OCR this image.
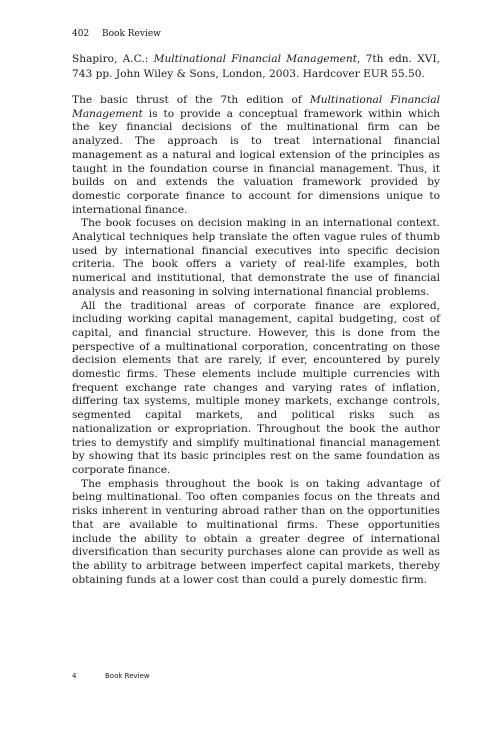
402 Book Review
Shapiro, A.C.: Multinational Financial Management, 7th edn. XVI, 743 pp. John Wiley & Sons, London, 2003. Hardcover EUR 55.50.

The basic thrust of the 7th edition of Multinational Financial Management is to provide a conceptual framework within which the key financial decisions of the multinational firm can be analyzed. The approach is to treat international financial management as a natural and logical extension of the principles as taught in the foundation course in financial management. Thus, it builds on and extends the valuation framework provided by domestic corporate finance to account for dimensions unique to international finance.

The book focuses on decision making in an international context. Analytical techniques help translate the often vague rules of thumb used by international financial executives into specific decision criteria. The book offers a variety of real-life examples, both numerical and institutional, that demonstrate the use of financial analysis and reasoning in solving international financial problems.

All the traditional areas of corporate finance are explored, including working capital management, capital budgeting, cost of capital, and financial structure. However, this is done from the perspective of a multinational corporation, concentrating on those decision elements that are rarely, if ever, encountered by purely domestic firms. These elements include multiple currencies with frequent exchange rate changes and varying rates of inflation, differing tax systems, multiple money markets, exchange controls, segmented capital markets, and political risks such as nationalization or expropriation. Throughout the book the author tries to demystify and simplify multinational financial management by showing that its basic principles rest on the same foundation as corporate finance.

The emphasis throughout the book is on taking advantage of being multinational. Too often companies focus on the threats and risks inherent in venturing abroad rather than on the opportunities that are available to multinational firms. These opportunities include the ability to obtain a greater degree of international diversification than security purchases alone can provide as well as the ability to arbitrage between imperfect capital markets, thereby obtaining funds at a lower cost than could a purely domestic firm.

4	Book Review
